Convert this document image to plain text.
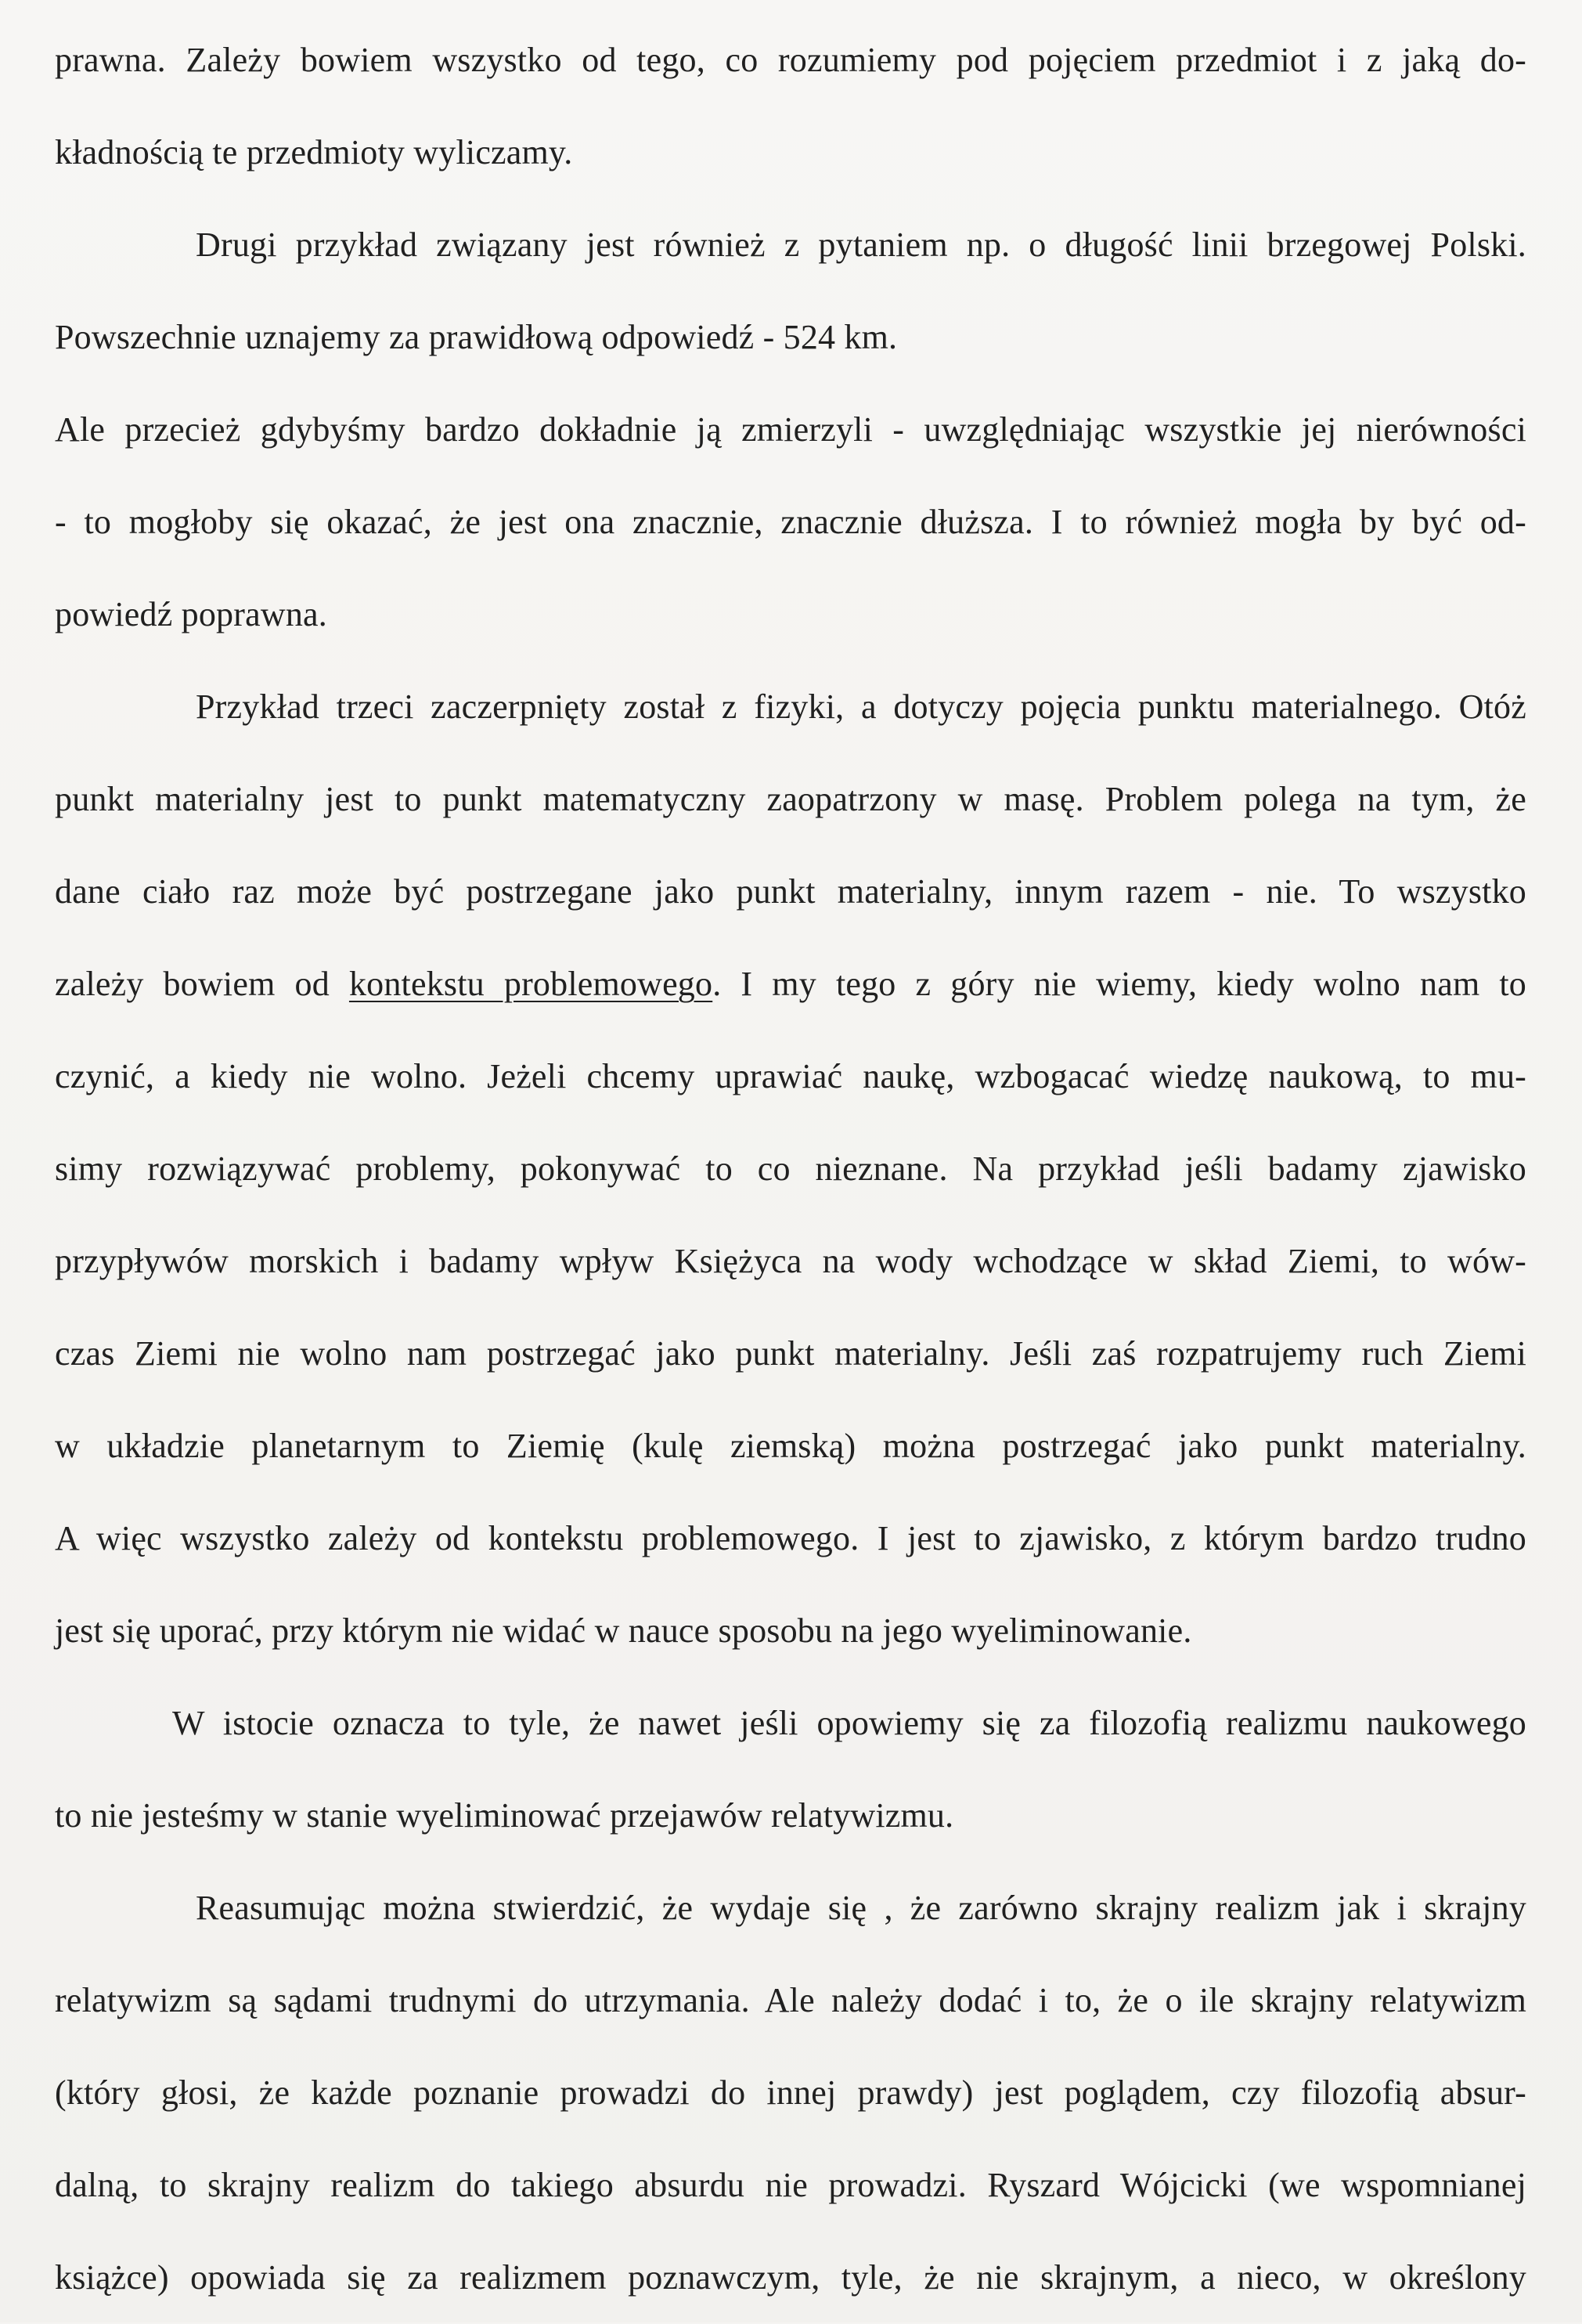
prawna. Zależy bowiem wszystko od tego, co rozumiemy pod pojęciem przedmiot i z jaką do-
kładnością te przedmioty wyliczamy.
Drugi przykład związany jest również z pytaniem np. o długość linii brzegowej Polski.
Powszechnie uznajemy za prawidłową odpowiedź - 524 km.
Ale przecież gdybyśmy bardzo dokładnie ją zmierzyli - uwzględniając wszystkie jej nierówności
- to mogłoby się okazać, że jest ona znacznie, znacznie dłuższa. I to również mogła by być od-
powiedź poprawna.
Przykład trzeci zaczerpnięty został z fizyki, a dotyczy pojęcia punktu materialnego. Otóż
punkt materialny jest to punkt matematyczny zaopatrzony w masę. Problem polega na tym, że
dane ciało raz może być postrzegane jako punkt materialny, innym razem - nie. To wszystko
zależy bowiem od kontekstu problemowego. I my tego z góry nie wiemy, kiedy wolno nam to
czynić, a kiedy nie wolno. Jeżeli chcemy uprawiać naukę, wzbogacać wiedzę naukową, to mu-
simy rozwiązywać problemy, pokonywać to co nieznane. Na przykład jeśli badamy zjawisko
przypływów morskich i badamy wpływ Księżyca na wody wchodzące w skład Ziemi, to wów-
czas Ziemi nie wolno nam postrzegać jako punkt materialny. Jeśli zaś rozpatrujemy ruch Ziemi
w układzie planetarnym to Ziemię (kulę ziemską) można postrzegać jako punkt materialny.
A więc wszystko zależy od kontekstu problemowego. I jest to zjawisko, z którym bardzo trudno
jest się uporać, przy którym nie widać w nauce sposobu na jego wyeliminowanie.
W istocie oznacza to tyle, że nawet jeśli opowiemy się za filozofią realizmu naukowego
to nie jesteśmy w stanie wyeliminować przejawów relatywizmu.
Reasumując można stwierdzić, że wydaje się , że zarówno skrajny realizm jak i skrajny
relatywizm są sądami trudnymi do utrzymania. Ale należy dodać i to, że o ile skrajny relatywizm
(który głosi, że każde poznanie prowadzi do innej prawdy) jest poglądem, czy filozofią absur-
dalną, to skrajny realizm do takiego absurdu nie prowadzi. Ryszard Wójcicki (we wspomnianej
książce) opowiada się za realizmem poznawczym, tyle, że nie skrajnym, a nieco, w określony
